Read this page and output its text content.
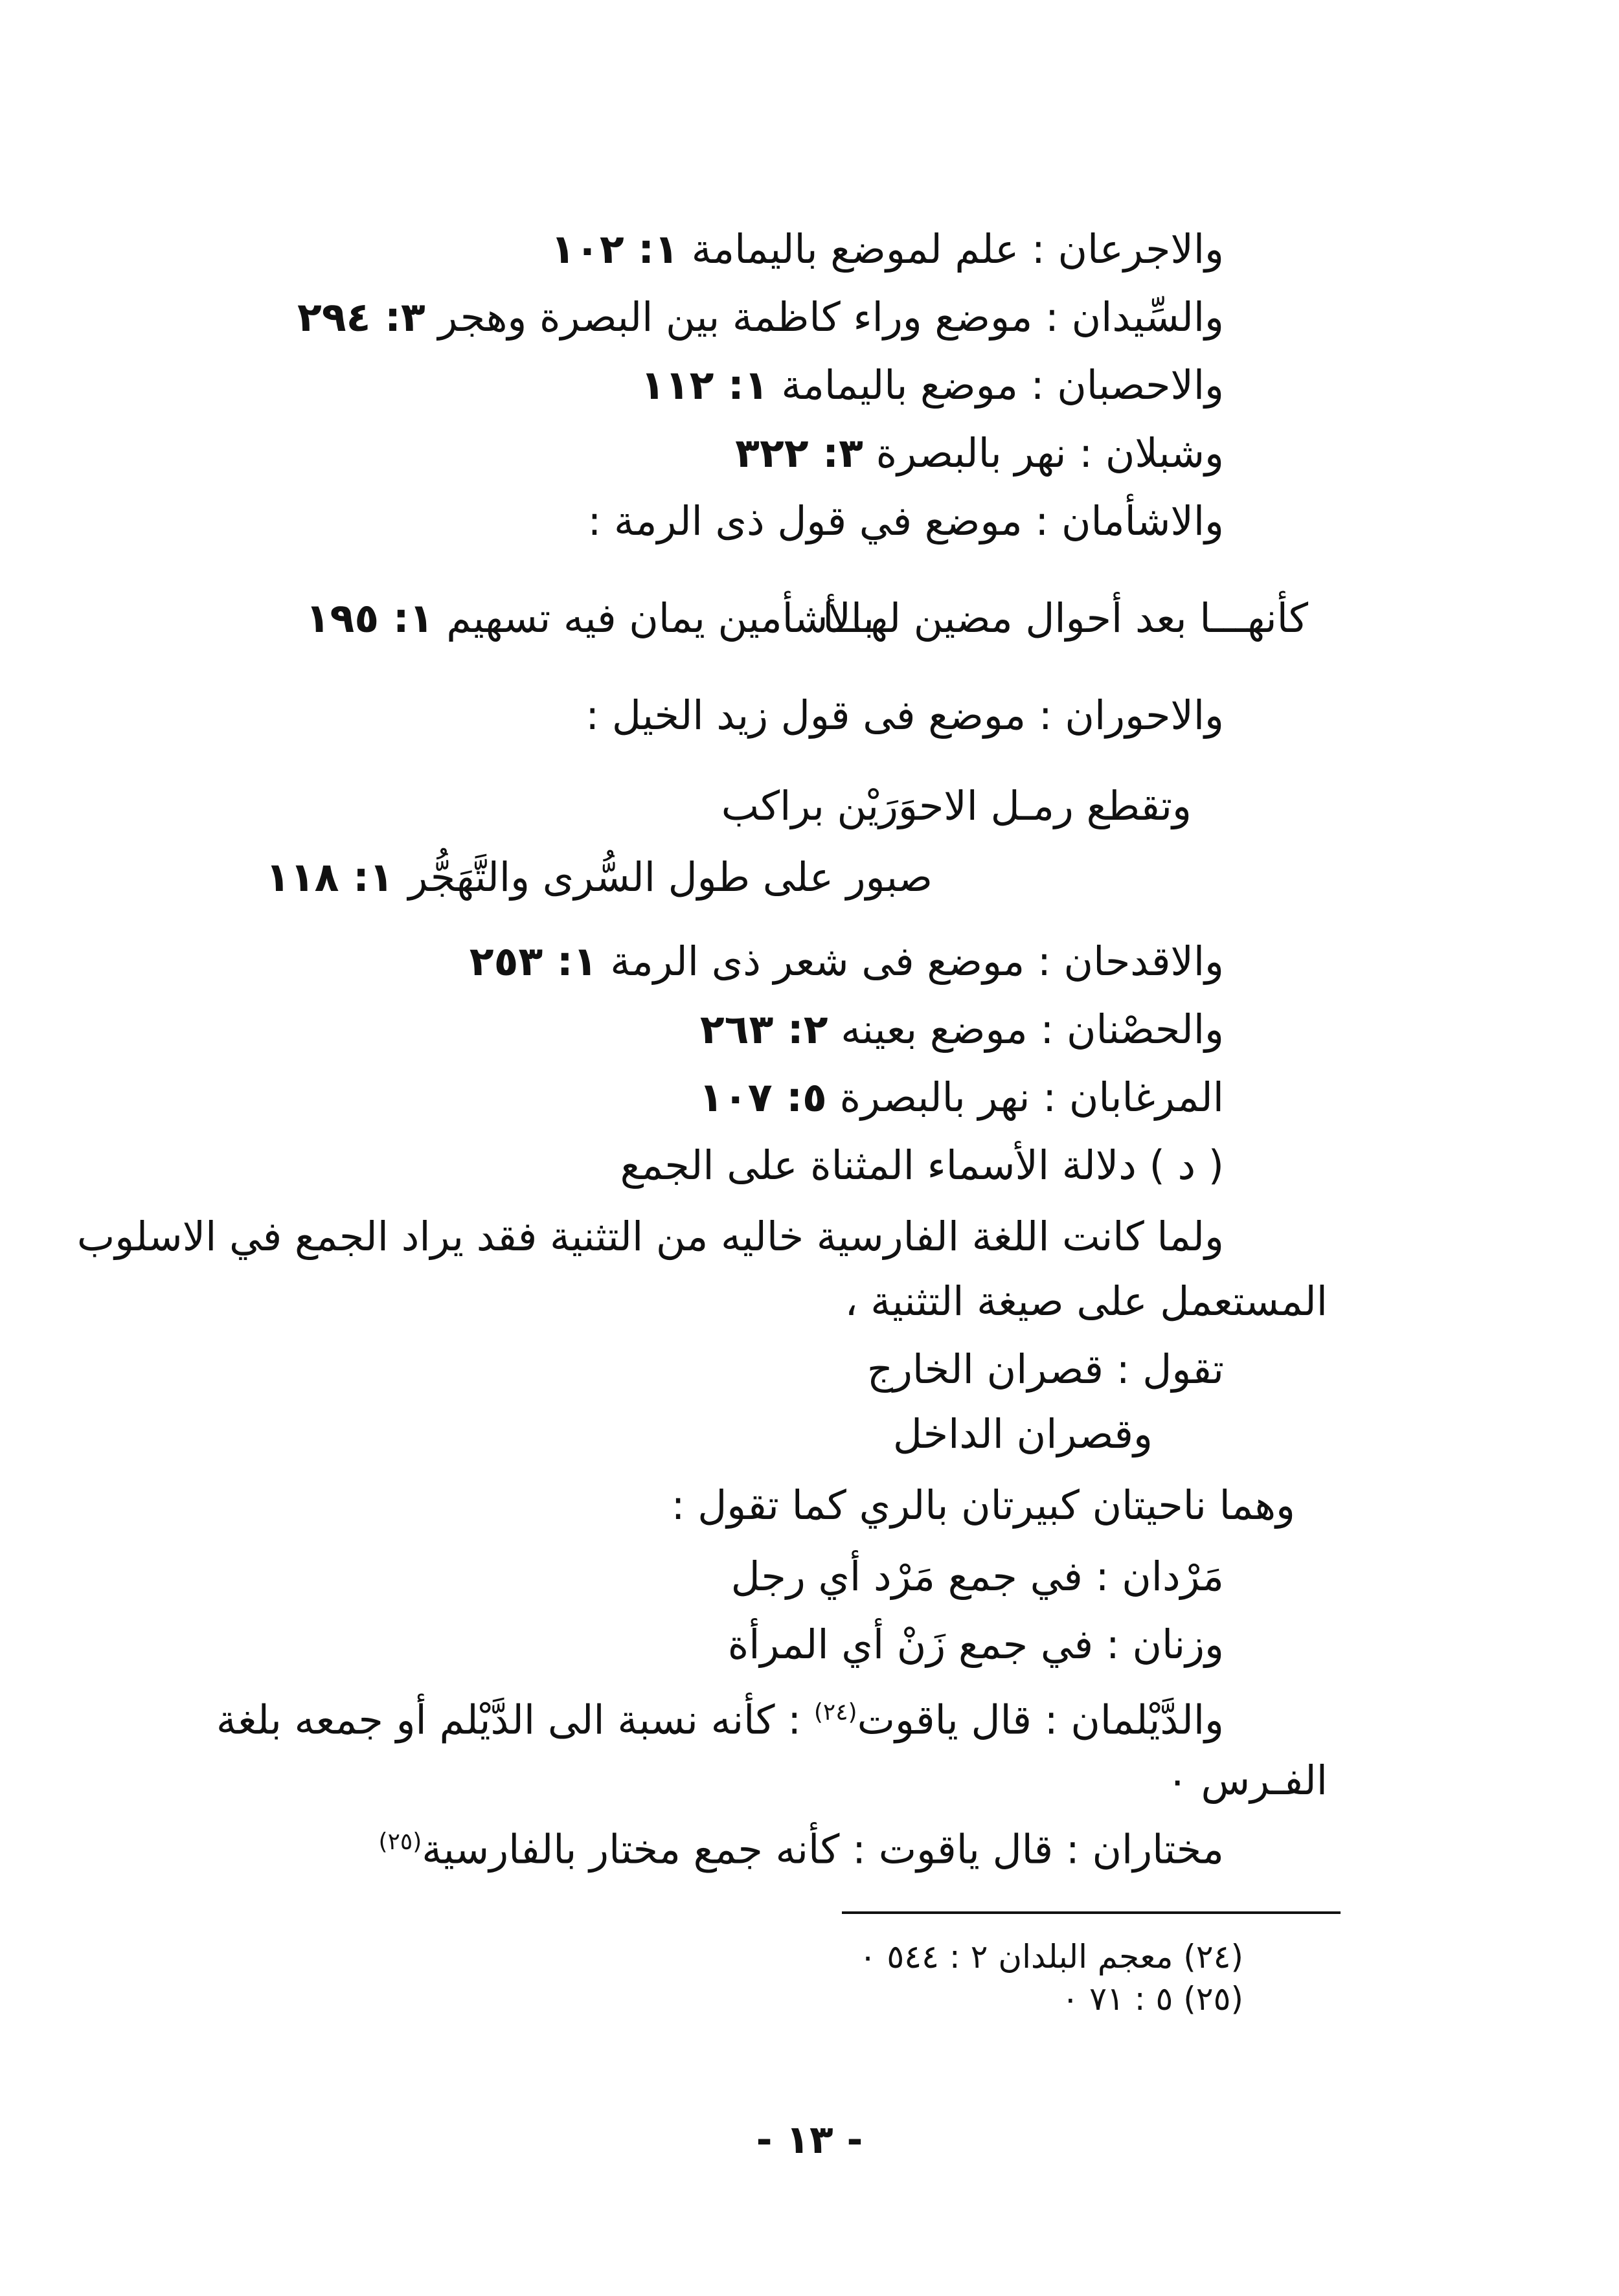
والاجرعان : علم لموضع باليمامة ١: ١٠٢
والسِّيدان : موضع وراء كاظمة بين البصرة وهجر ٣: ٢٩٤
والاحصبان : موضع باليمامة ١: ١١٢
وشبلان : نهر بالبصرة ٣: ٣٢٢
والاشأمان : موضع في قول ذى الرمة :
كأنهـــا بعد أحوال مضين لهـــا
بالأشأمين يمان فيه تسهيم ١: ١٩٥
والاحوران : موضع فى قول زيد الخيل :
وتقطع رمـل الاحوَرَيْن براكب
صبور على طول السُّرى والتَّهَجُّر
١: ١١٨
والاقدحان : موضع فى شعر ذى الرمة ١: ٢٥٣
والحصْنان : موضع بعينه ٢: ٢٦٣
المرغابان : نهر بالبصرة ٥: ١٠٧
( د ) دلالة الأسماء المثناة على الجمع
ولما كانت اللغة الفارسية خاليه من التثنية فقد يراد الجمع في الاسلوب
المستعمل على صيغة التثنية ،
تقول : قصران الخارج
وقصران الداخل
وهما ناحيتان كبيرتان بالري كما تقول :
مَرْدان : في جمع مَرْد أي رجل
وزنان : في جمع زَنْ أي المرأة
والدَّيْلمان : قال ياقوت$^{(٢٤)}$ : كأنه نسبة الى الدَّيْلم أو جمعه بلغة
الفـرس ٠
مختاران : قال ياقوت : كأنه جمع مختار بالفارسية$^{(٢٥)}$
(٢٤) معجم البلدان ٢ : ٥٤٤ ٠
(٢٥) ٥ : ٧١ ٠
- ١٣ -
